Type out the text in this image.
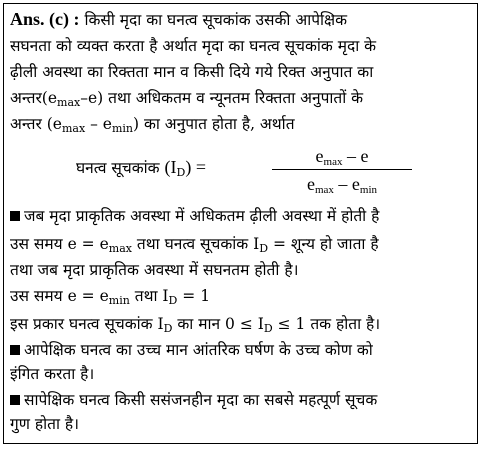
Ans. (c) : किसी मृदा का घनत्व सूचकांक उसकी आपेक्षिक
सघनता को व्यक्त करता है अर्थात मृदा का घनत्व सूचकांक मृदा के
ढ़ीली अवस्था का रिक्तता मान व किसी दिये गये रिक्त अनुपात का
$अन्तर(e_{max}-e)$ तथा अधिकतम व न्यूनतम रिक्तता अनुपातों के
अन्तर $(e_{max} - e_{min})$ का अनुपात होता है, अर्थात
घनत्व सूचकांक $(I_D)$ =
$e_{max}$ – e
$e_{max} - e_{min}$
जब मृदा प्राकृतिक अवस्था में अधिकतम ढ़ीली अवस्था में होती है
उस समय $e = e_{max}$ तथा घनत्व सूचकांक $I_D$ = शून्य हो जाता है
तथा जब मृदा प्राकृतिक अवस्था में सघनतम होती है।
उस समय $e = e_{min}$ तथा $I_D = 1$
इस प्रकार घनत्व सूचकांक $I_D$ का मान $0 \le I_D \le 1$ तक होता है।
आपेक्षिक घनत्व का उच्च मान आंतरिक घर्षण के उच्च कोण को
इंगित करता है।
सापेक्षिक घनत्व किसी ससंजनहीन मृदा का सबसे महत्पूर्ण सूचक
गुण होता है।
